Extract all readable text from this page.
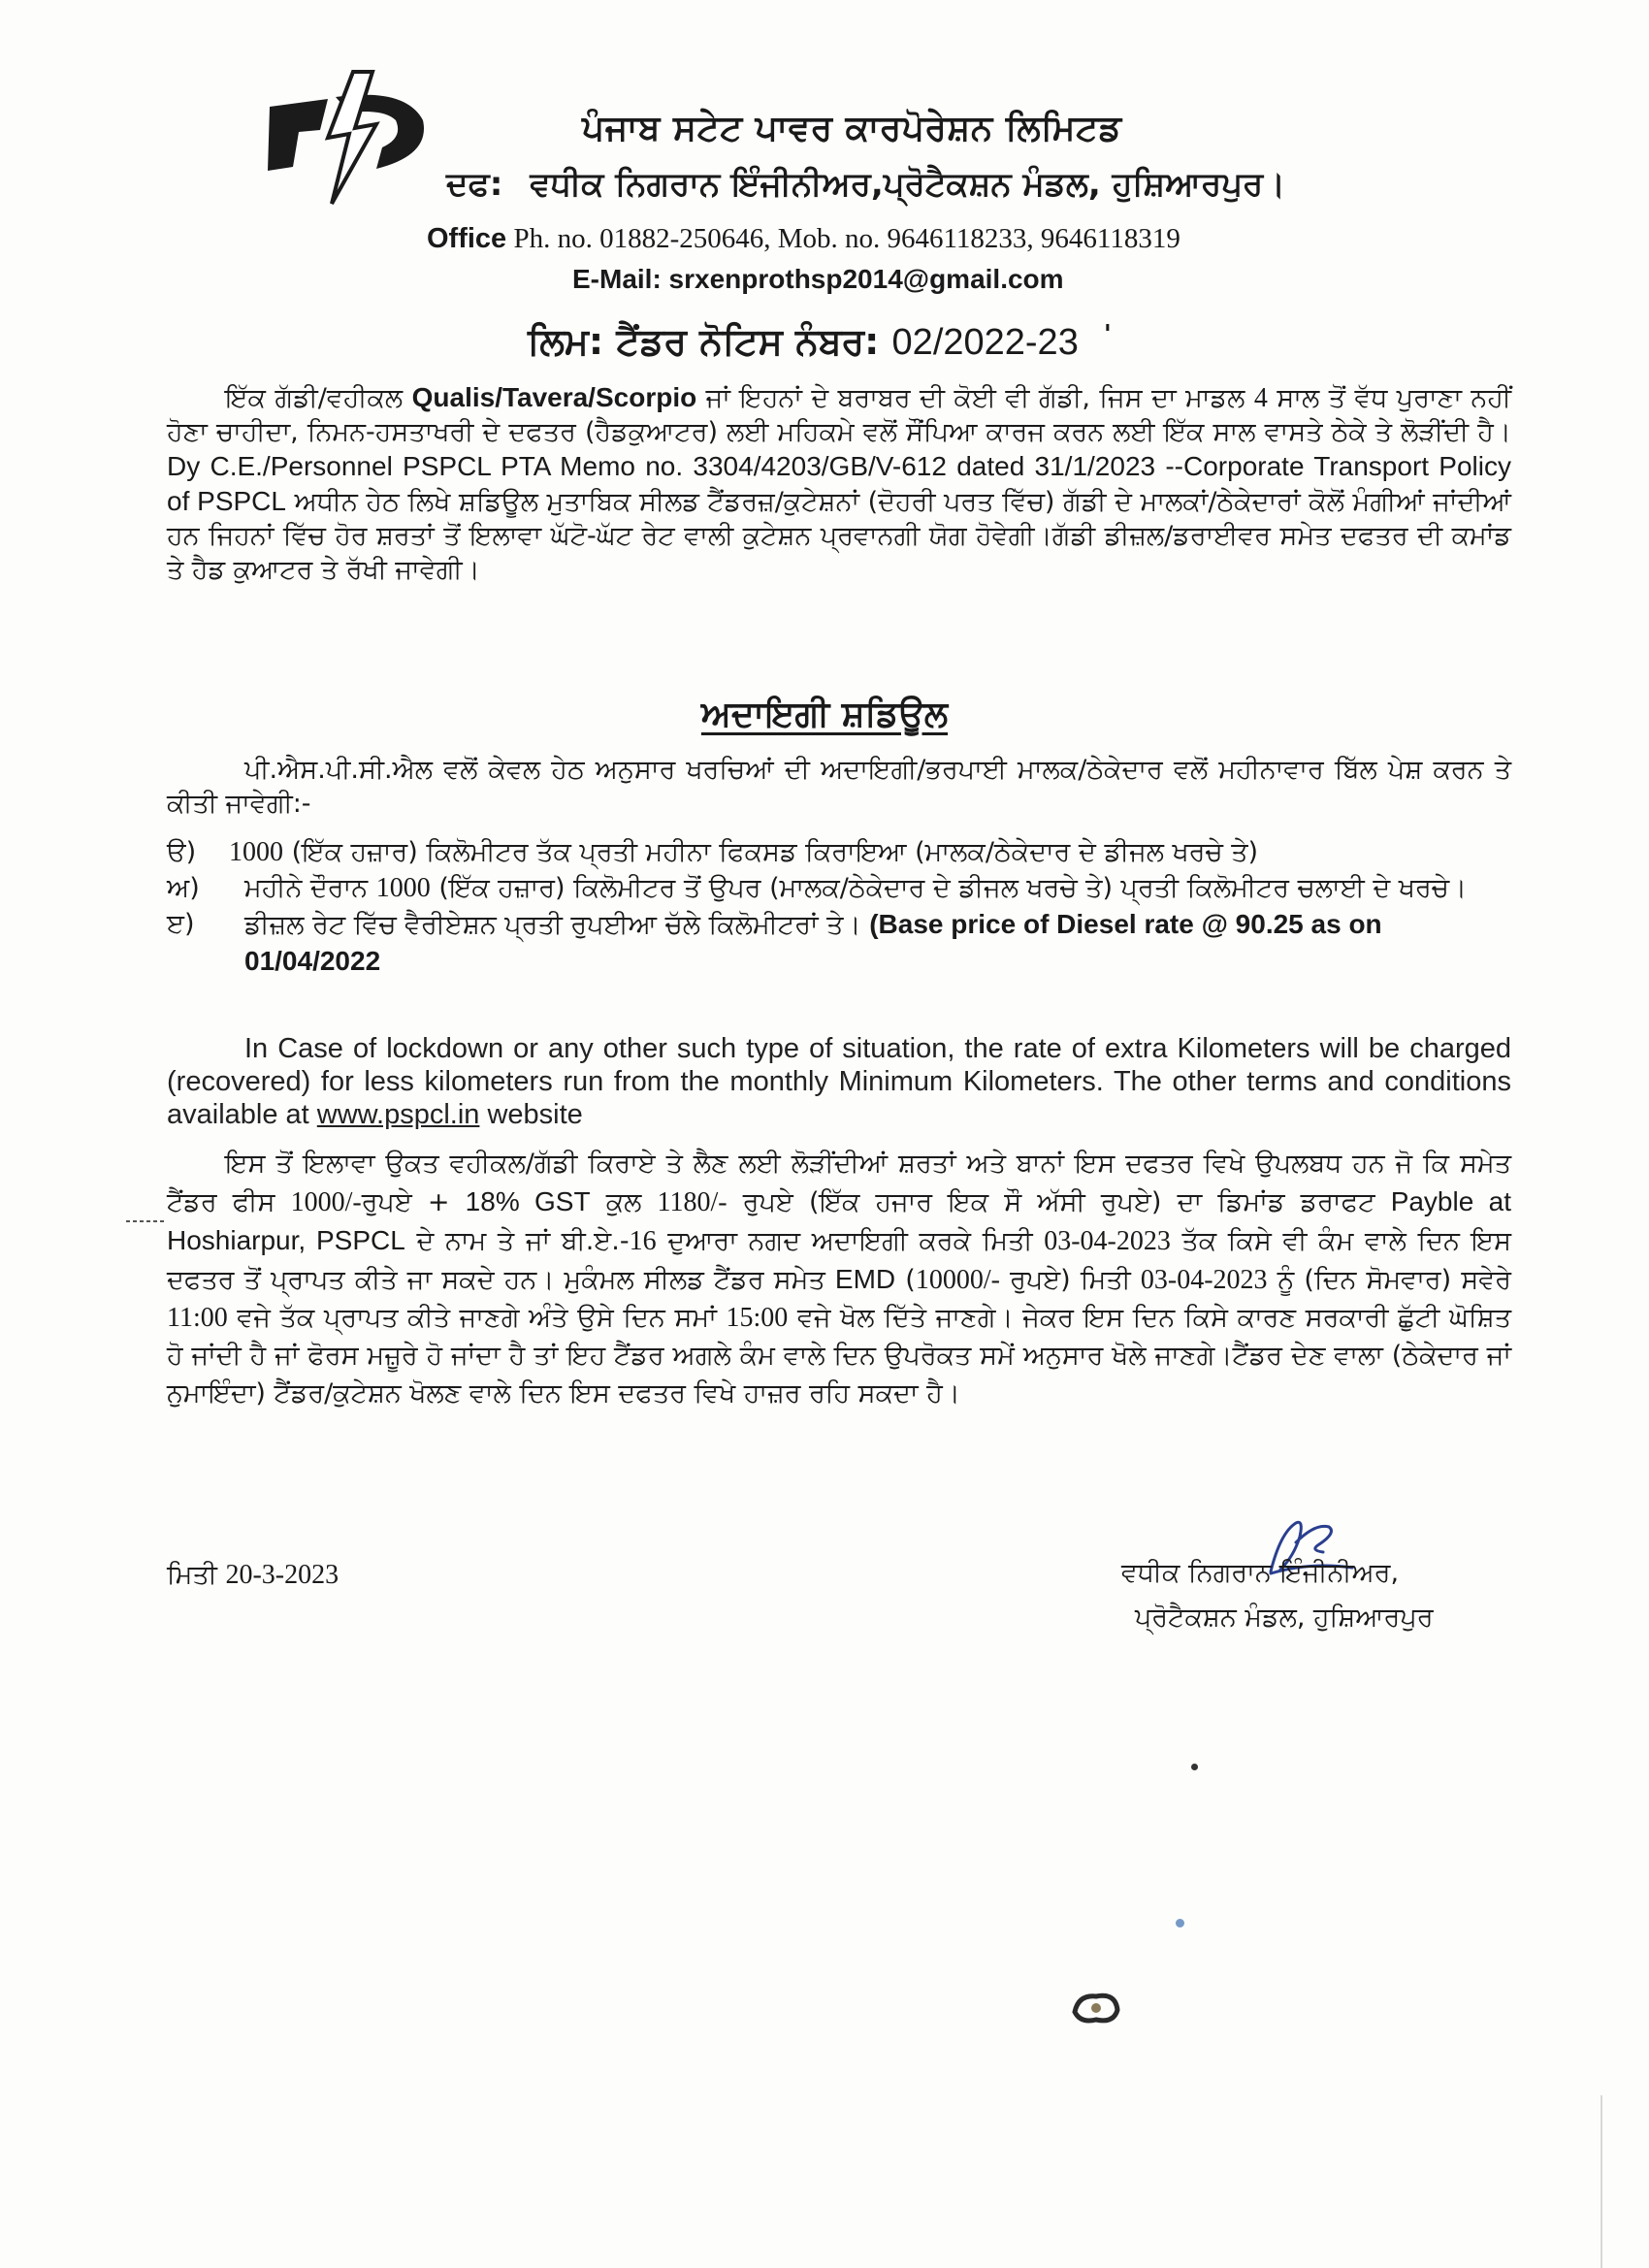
ਪੰਜਾਬ ਸਟੇਟ ਪਾਵਰ ਕਾਰਪੋਰੇਸ਼ਨ ਲਿਮਿਟਡ
ਦਫ: ਵਧੀਕ ਨਿਗਰਾਨ ਇੰਜੀਨੀਅਰ,ਪ੍ਰੋਟੈਕਸ਼ਨ ਮੰਡਲ, ਹੁਸ਼ਿਆਰਪੁਰ।
Office Ph. no. 01882-250646, Mob. no. 9646118233, 9646118319
E-Mail: srxenprothsp2014@gmail.com
ਲਿਮ: ਟੈਂਡਰ ਨੋਟਿਸ ਨੰਬਰ: 02/2022-23 '
ਇੱਕ ਗੱਡੀ/ਵਹੀਕਲ Qualis/Tavera/Scorpio ਜਾਂ ਇਹਨਾਂ ਦੇ ਬਰਾਬਰ ਦੀ ਕੋਈ ਵੀ ਗੱਡੀ, ਜਿਸ ਦਾ ਮਾਡਲ 4 ਸਾਲ ਤੋਂ ਵੱਧ ਪੁਰਾਣਾ ਨਹੀਂ ਹੋਣਾ ਚਾਹੀਦਾ, ਨਿਮਨ-ਹਸਤਾਖਰੀ ਦੇ ਦਫਤਰ (ਹੈਡਕੁਆਟਰ) ਲਈ ਮਹਿਕਮੇ ਵਲੋਂ ਸੌਂਪਿਆ ਕਾਰਜ ਕਰਨ ਲਈ ਇੱਕ ਸਾਲ ਵਾਸਤੇ ਠੇਕੇ ਤੇ ਲੋੜੀਂਦੀ ਹੈ। Dy C.E./Personnel PSPCL PTA Memo no. 3304/4203/GB/V-612 dated 31/1/2023 --Corporate Transport Policy of PSPCL ਅਧੀਨ ਹੇਠ ਲਿਖੇ ਸ਼ਡਿਊਲ ਮੁਤਾਬਿਕ ਸੀਲਡ ਟੈਂਡਰਜ਼/ਕੁਟੇਸ਼ਨਾਂ (ਦੋਹਰੀ ਪਰਤ ਵਿੱਚ) ਗੱਡੀ ਦੇ ਮਾਲਕਾਂ/ਠੇਕੇਦਾਰਾਂ ਕੋਲੋਂ ਮੰਗੀਆਂ ਜਾਂਦੀਆਂ ਹਨ ਜਿਹਨਾਂ ਵਿੱਚ ਹੋਰ ਸ਼ਰਤਾਂ ਤੋਂ ਇਲਾਵਾ ਘੱਟੋ-ਘੱਟ ਰੇਟ ਵਾਲੀ ਕੁਟੇਸ਼ਨ ਪ੍ਰਵਾਨਗੀ ਯੋਗ ਹੋਵੇਗੀ।ਗੱਡੀ ਡੀਜ਼ਲ/ਡਰਾਈਵਰ ਸਮੇਤ ਦਫਤਰ ਦੀ ਕਮਾਂਡ ਤੇ ਹੈਡ ਕੁਆਟਰ ਤੇ ਰੱਖੀ ਜਾਵੇਗੀ।
ਅਦਾਇਗੀ ਸ਼ਡਿਊਲ
ਪੀ.ਐਸ.ਪੀ.ਸੀ.ਐਲ ਵਲੋਂ ਕੇਵਲ ਹੇਠ ਅਨੁਸਾਰ ਖਰਚਿਆਂ ਦੀ ਅਦਾਇਗੀ/ਭਰਪਾਈ ਮਾਲਕ/ਠੇਕੇਦਾਰ ਵਲੋਂ ਮਹੀਨਾਵਾਰ ਬਿੱਲ ਪੇਸ਼ ਕਰਨ ਤੇ ਕੀਤੀ ਜਾਵੇਗੀ:-
ੳ)	1000 (ਇੱਕ ਹਜ਼ਾਰ) ਕਿਲੋਮੀਟਰ ਤੱਕ ਪ੍ਰਤੀ ਮਹੀਨਾ ਫਿਕਸਡ ਕਿਰਾਇਆ (ਮਾਲਕ/ਠੇਕੇਦਾਰ ਦੇ ਡੀਜਲ ਖਰਚੇ ਤੇ)
ਅ)	ਮਹੀਨੇ ਦੌਰਾਨ 1000 (ਇੱਕ ਹਜ਼ਾਰ) ਕਿਲੋਮੀਟਰ ਤੋਂ ਉਪਰ (ਮਾਲਕ/ਠੇਕੇਦਾਰ ਦੇ ਡੀਜਲ ਖਰਚੇ ਤੇ) ਪ੍ਰਤੀ ਕਿਲੋਮੀਟਰ ਚਲਾਈ ਦੇ ਖਰਚੇ।
ੲ)	ਡੀਜ਼ਲ ਰੇਟ ਵਿੱਚ ਵੈਰੀਏਸ਼ਨ ਪ੍ਰਤੀ ਰੁਪਈਆ ਚੱਲੇ ਕਿਲੋਮੀਟਰਾਂ ਤੇ। (Base price of Diesel rate @ 90.25 as on 01/04/2022
In Case of lockdown or any other such type of situation, the rate of extra Kilometers will be charged (recovered) for less kilometers run from the monthly Minimum Kilometers. The other terms and conditions available at www.pspcl.in website
ਇਸ ਤੋਂ ਇਲਾਵਾ ਉਕਤ ਵਹੀਕਲ/ਗੱਡੀ ਕਿਰਾਏ ਤੇ ਲੈਣ ਲਈ ਲੋੜੀਂਦੀਆਂ ਸ਼ਰਤਾਂ ਅਤੇ ਬਾਨਾਂ ਇਸ ਦਫਤਰ ਵਿਖੇ ਉਪਲਬਧ ਹਨ ਜੋ ਕਿ ਸਮੇਤ ਟੈਂਡਰ ਫੀਸ 1000/-ਰੁਪਏ + 18% GST ਕੁਲ 1180/- ਰੁਪਏ (ਇੱਕ ਹਜਾਰ ਇਕ ਸੌ ਅੱਸੀ ਰੁਪਏ) ਦਾ ਡਿਮਾਂਡ ਡਰਾਫਟ Payble at Hoshiarpur, PSPCL ਦੇ ਨਾਮ ਤੇ ਜਾਂ ਬੀ.ਏ.-16 ਦੁਆਰਾ ਨਗਦ ਅਦਾਇਗੀ ਕਰਕੇ ਮਿਤੀ 03-04-2023 ਤੱਕ ਕਿਸੇ ਵੀ ਕੰਮ ਵਾਲੇ ਦਿਨ ਇਸ ਦਫਤਰ ਤੋਂ ਪ੍ਰਾਪਤ ਕੀਤੇ ਜਾ ਸਕਦੇ ਹਨ। ਮੁਕੰਮਲ ਸੀਲਡ ਟੈਂਡਰ ਸਮੇਤ EMD (10000/- ਰੁਪਏ) ਮਿਤੀ 03-04-2023 ਨੂੰ (ਦਿਨ ਸੋਮਵਾਰ) ਸਵੇਰੇ 11:00 ਵਜੇ ਤੱਕ ਪ੍ਰਾਪਤ ਕੀਤੇ ਜਾਣਗੇ ਅੰਤੇ ਉਸੇ ਦਿਨ ਸਮਾਂ 15:00 ਵਜੇ ਖੋਲ ਦਿੱਤੇ ਜਾਣਗੇ। ਜੇਕਰ ਇਸ ਦਿਨ ਕਿਸੇ ਕਾਰਣ ਸਰਕਾਰੀ ਛੁੱਟੀ ਘੋਸ਼ਿਤ ਹੋ ਜਾਂਦੀ ਹੈ ਜਾਂ ਫੋਰਸ ਮਜ਼ੂਰੇ ਹੋ ਜਾਂਦਾ ਹੈ ਤਾਂ ਇਹ ਟੈਂਡਰ ਅਗਲੇ ਕੰਮ ਵਾਲੇ ਦਿਨ ਉਪਰੋਕਤ ਸਮੇਂ ਅਨੁਸਾਰ ਖੋਲੇ ਜਾਣਗੇ।ਟੈਂਡਰ ਦੇਣ ਵਾਲਾ (ਠੇਕੇਦਾਰ ਜਾਂ ਨੁਮਾਇੰਦਾ) ਟੈਂਡਰ/ਕੁਟੇਸ਼ਨ ਖੋਲਣ ਵਾਲੇ ਦਿਨ ਇਸ ਦਫਤਰ ਵਿਖੇ ਹਾਜ਼ਰ ਰਹਿ ਸਕਦਾ ਹੈ।
ਮਿਤੀ 20-3-2023	ਵਧੀਕ ਨਿਗਰਾਨ ਇੰਜੀਨੀਅਰ,
ਪ੍ਰੋਟੈਕਸ਼ਨ ਮੰਡਲ, ਹੁਸ਼ਿਆਰਪੁਰ
